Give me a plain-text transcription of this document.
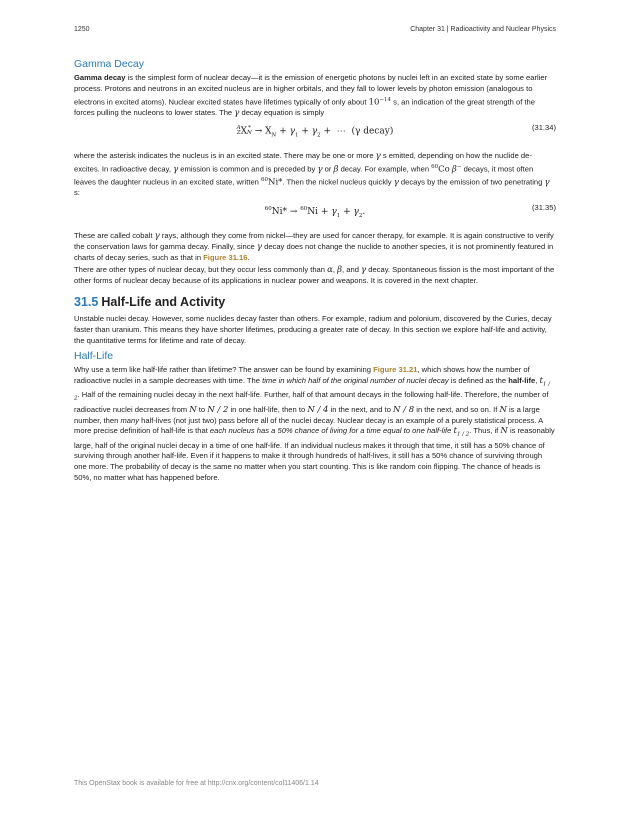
1250	Chapter 31 | Radioactivity and Nuclear Physics
Gamma Decay

Gamma decay is the simplest form of nuclear decay—it is the emission of energetic photons by nuclei left in an excited state by some earlier process. Protons and neutrons in an excited nucleus are in higher orbitals, and they fall to lower levels by photon emission (analogous to electrons in excited atoms). Nuclear excited states have lifetimes typically of only about $10^{-14}$ s, an indication of the great strength of the forces pulling the nucleons to lower states. The γ decay equation is simply

A
ZX*
$N \to X_N + \gamma_1 + \gamma_2$ +  ⋯  (γ decay)	(31.34)

where the asterisk indicates the nucleus is in an excited state. There may be one or more γ s emitted, depending on how the nuclide de-excites. In radioactive decay, γ emission is common and is preceded by γ or β decay. For example, when $^{60}$Co β− decays, it most often leaves the daughter nucleus in an excited state, written $^{60}$Ni*. Then the nickel nucleus quickly γ decays by the emission of two penetrating γ s:

$^{60}Ni* \to ^{60}Ni + \gamma_1 + \gamma_2$.	(31.35)

These are called cobalt γ rays, although they come from nickel—they are used for cancer therapy, for example. It is again constructive to verify the conservation laws for gamma decay. Finally, since γ decay does not change the nuclide to another species, it is not prominently featured in charts of decay series, such as that in Figure 31.16.

There are other types of nuclear decay, but they occur less commonly than α, β, and γ decay. Spontaneous fission is the most important of the other forms of nuclear decay because of its applications in nuclear power and weapons. It is covered in the next chapter.

31.5 Half-Life and Activity

Unstable nuclei decay. However, some nuclides decay faster than others. For example, radium and polonium, discovered by the Curies, decay faster than uranium. This means they have shorter lifetimes, producing a greater rate of decay. In this section we explore half-life and activity, the quantitative terms for lifetime and rate of decay.

Half-Life

Why use a term like half-life rather than lifetime? The answer can be found by examining Figure 31.21, which shows how the number of radioactive nuclei in a sample decreases with time. The time in which half of the original number of nuclei decay is defined as the half-life, $t_{1 / 2}$. Half of the remaining nuclei decay in the next half-life. Further, half of that amount decays in the following half-life. Therefore, the number of radioactive nuclei decreases from N to N / 2 in one half-life, then to N / 4 in the next, and to N / 8 in the next, and so on. If N is a large number, then many half-lives (not just two) pass before all of the nuclei decay. Nuclear decay is an example of a purely statistical process. A more precise definition of half-life is that each nucleus has a 50% chance of living for a time equal to one half-life $t_{1 / 2}$. Thus, if N is reasonably large, half of the original nuclei decay in a time of one half-life. If an individual nucleus makes it through that time, it still has a 50% chance of surviving through another half-life. Even if it happens to make it through hundreds of half-lives, it still has a 50% chance of surviving through one more. The probability of decay is the same no matter when you start counting. This is like random coin flipping. The chance of heads is 50%, no matter what has happened before.

This OpenStax book is available for free at http://cnx.org/content/col11406/1.14
